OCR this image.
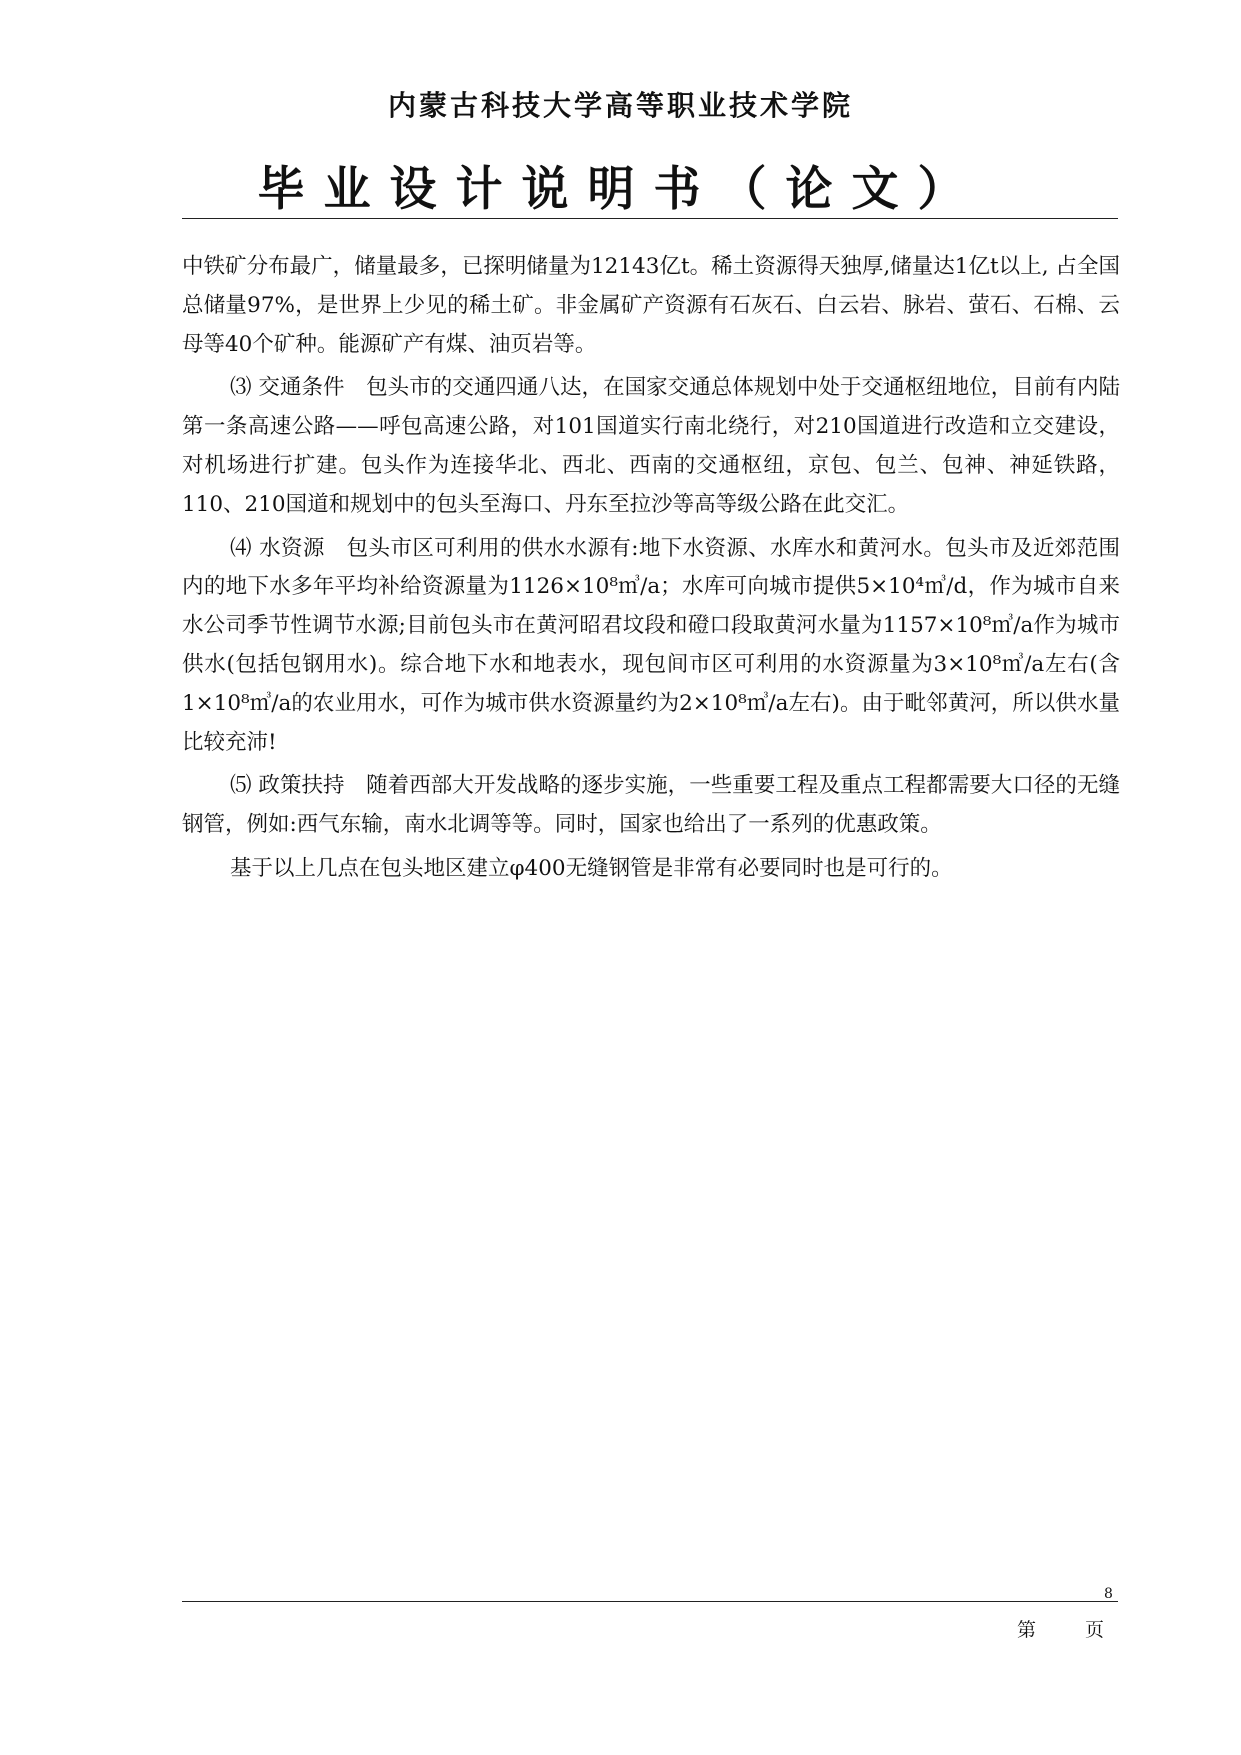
内蒙古科技大学高等职业技术学院
毕业设计说明书（论文）

中铁矿分布最广，储量最多，已探明储量为12143亿t。稀土资源得天独厚,储量达1亿t以上, 占全国总储量97%，是世界上少见的稀土矿。非金属矿产资源有石灰石、白云岩、脉岩、萤石、石棉、云母等40个矿种。能源矿产有煤、油页岩等。

⑶ 交通条件　包头市的交通四通八达，在国家交通总体规划中处于交通枢纽地位，目前有内陆第一条高速公路——呼包高速公路，对101国道实行南北绕行，对210国道进行改造和立交建设，对机场进行扩建。包头作为连接华北、西北、西南的交通枢纽，京包、包兰、包神、神延铁路，110、210国道和规划中的包头至海口、丹东至拉沙等高等级公路在此交汇。

⑷ 水资源　包头市区可利用的供水水源有:地下水资源、水库水和黄河水。包头市及近郊范围内的地下水多年平均补给资源量为1126×10⁸㎥/a；水库可向城市提供5×10⁴㎥/d，作为城市自来水公司季节性调节水源;目前包头市在黄河昭君坟段和磴口段取黄河水量为1157×10⁸㎥/a作为城市供水(包括包钢用水)。综合地下水和地表水，现包间市区可利用的水资源量为3×10⁸㎥/a左右(含1×10⁸㎥/a的农业用水，可作为城市供水资源量约为2×10⁸㎥/a左右)。由于毗邻黄河，所以供水量比较充沛!

⑸ 政策扶持　随着西部大开发战略的逐步实施，一些重要工程及重点工程都需要大口径的无缝钢管，例如:西气东输，南水北调等等。同时，国家也给出了一系列的优惠政策。

基于以上几点在包头地区建立φ400无缝钢管是非常有必要同时也是可行的。

8
第	页
